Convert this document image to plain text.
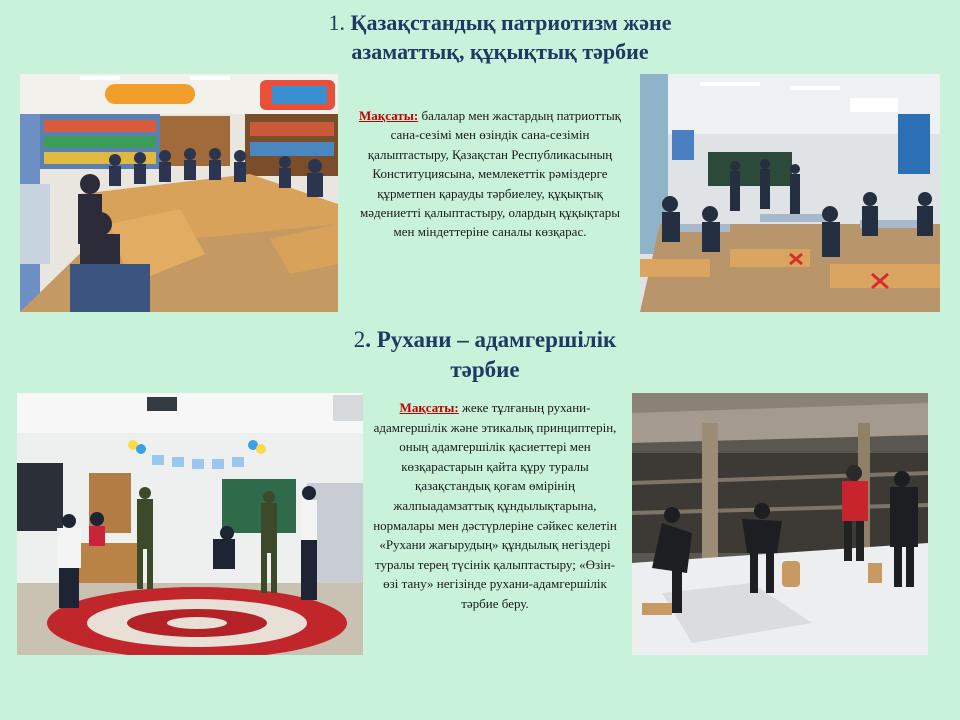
1. Қазақстандық патриотизм және
азаматтық, құқықтық тәрбие
Мақсаты: балалар мен жастардың патриоттық сана-сезімі мен өзіндік сана-сезімін қалыптастыру, Қазақстан Республикасының Конституциясына, мемлекеттік рәміздерге құрметпен қарауды тәрбиелеу, құқықтық мәдениетті қалыптастыру, олардың құқықтары мен міндеттеріне саналы көзқарас.
2. Рухани – адамгершілік
тәрбие
Мақсаты: жеке тұлғаның рухани-адамгершілік және этикалық принциптерін, оның адамгершілік қасиеттері мен көзқарастарын қайта құру туралы қазақстандық қоғам өмірінің жалпыадамзаттық құндылықтарына, нормалары мен дәстүрлеріне сәйкес келетін «Рухани жағырудың» құндылық негіздері туралы терең түсінік қалыптастыру; «Өзін-өзі тану» негізінде рухани-адамгершілік тәрбие беру.
